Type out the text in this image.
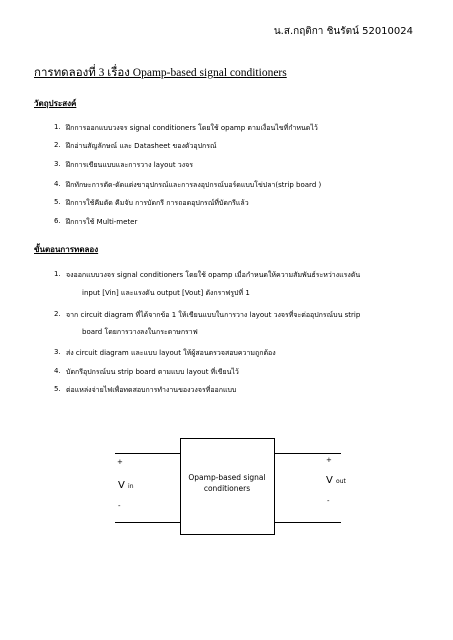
น.ส.กฤติกา ชินรัตน์ 52010024
การทดลองที่ 3 เรื่อง Opamp-based signal conditioners
วัตถุประสงค์
1. ฝึกการออกแบบวงจร signal conditioners โดยใช้ opamp ตามเงื่อนไขที่กำหนดไว้
2. ฝึกอ่านสัญลักษณ์ และ Datasheet ของตัวอุปกรณ์
3. ฝึกการเขียนแบบและการวาง layout วงจร
4. ฝึกทักษะการตัด-ดัดแต่งขาอุปกรณ์และการลงอุปกรณ์บอร์ดแบบโข่ปลา(strip board )
5. ฝึกการใช้คีมตัด คีมจับ การบัดกรี การถอดอุปกรณ์ที่บัดกรีแล้ว
6. ฝึกการใช้ Multi-meter
ขั้นตอนการทดลอง
1. จงออกแบบวงจร signal conditioners โดยใช้ opamp เมื่อกำหนดให้ความสัมพันธ์ระหว่างแรงดัน
input [Vin] และแรงดัน output [Vout] ดังกราฟรูปที่ 1
2. จาก circuit diagram ที่ได้จากข้อ 1 ให้เขียนแบบในการวาง layout วงจรที่จะต่ออุปกรณ์บน strip
board โดยการวางลงในกระดาษกราฟ
3. ส่ง circuit diagram และแบบ layout ให้ผู้สอนตรวจสอบความถูกต้อง
4. บัดกรีอุปกรณ์บน strip board ตามแบบ layout ที่เขียนไว้
5. ต่อแหล่งจ่ายไฟเพื่อทดสอบการทำงานของวงจรที่ออกแบบ
Opamp-based signal
conditioners
+
V in
-
+
V out
-
